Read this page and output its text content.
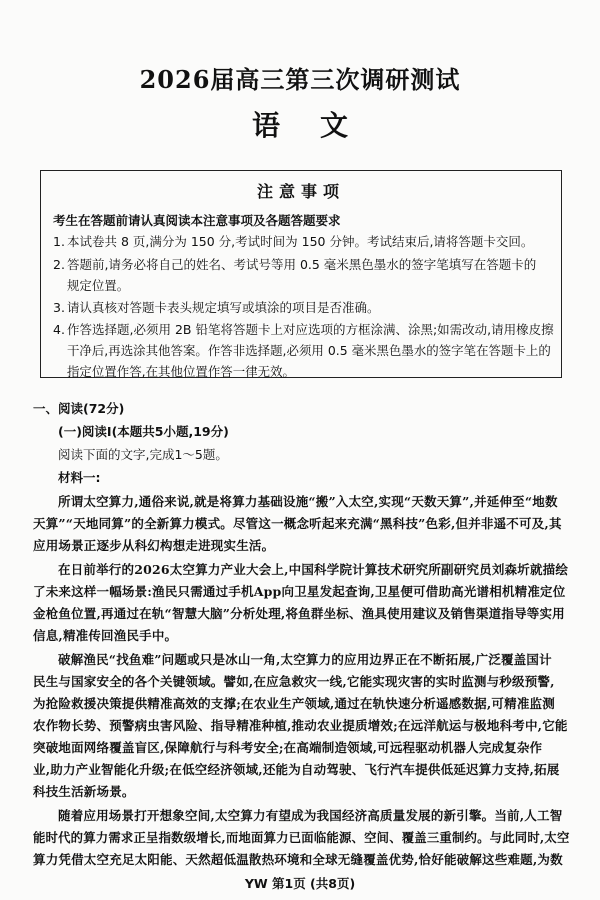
2026届高三第三次调研测试
语文
注意事项
考生在答题前请认真阅读本注意事项及各题答题要求
1. 本试卷共 8 页,满分为 150 分,考试时间为 150 分钟。考试结束后,请将答题卡交回。
2. 答题前,请务必将自己的姓名、考试号等用 0.5 毫米黑色墨水的签字笔填写在答题卡的 规定位置。
3. 请认真核对答题卡表头规定填写或填涂的项目是否准确。
4. 作答选择题,必须用 2B 铅笔将答题卡上对应选项的方框涂满、涂黑;如需改动,请用橡皮擦 干净后,再选涂其他答案。作答非选择题,必须用 0.5 毫米黑色墨水的签字笔在答题卡上的 指定位置作答,在其他位置作答一律无效。
一、阅读(72分)
(一)阅读Ⅰ(本题共5小题,19分)
阅读下面的文字,完成1～5题。
材料一:
所谓太空算力,通俗来说,就是将算力基础设施“搬”入太空,实现“天数天算”,并延伸至“地数
天算”“天地同算”的全新算力模式。尽管这一概念听起来充满“黑科技”色彩,但并非遥不可及,其
应用场景正逐步从科幻构想走进现实生活。
在日前举行的2026太空算力产业大会上,中国科学院计算技术研究所副研究员刘森圻就描绘
了未来这样一幅场景:渔民只需通过手机App向卫星发起查询,卫星便可借助高光谱相机精准定位
金枪鱼位置,再通过在轨“智慧大脑”分析处理,将鱼群坐标、渔具使用建议及销售渠道指导等实用
信息,精准传回渔民手中。
破解渔民“找鱼难”问题或只是冰山一角,太空算力的应用边界正在不断拓展,广泛覆盖国计
民生与国家安全的各个关键领域。譬如,在应急救灾一线,它能实现灾害的实时监测与秒级预警,
为抢险救援决策提供精准高效的支撑;在农业生产领域,通过在轨快速分析遥感数据,可精准监测
农作物长势、预警病虫害风险、指导精准种植,推动农业提质增效;在远洋航运与极地科考中,它能
突破地面网络覆盖盲区,保障航行与科考安全;在高端制造领域,可远程驱动机器人完成复杂作
业,助力产业智能化升级;在低空经济领域,还能为自动驾驶、飞行汽车提供低延迟算力支持,拓展
科技生活新场景。
随着应用场景打开想象空间,太空算力有望成为我国经济高质量发展的新引擎。当前,人工智
能时代的算力需求正呈指数级增长,而地面算力已面临能源、空间、覆盖三重制约。与此同时,太空
算力凭借太空充足太阳能、天然超低温散热环境和全球无缝覆盖优势,恰好能破解这些难题,为数
YW 第1页 (共8页)
